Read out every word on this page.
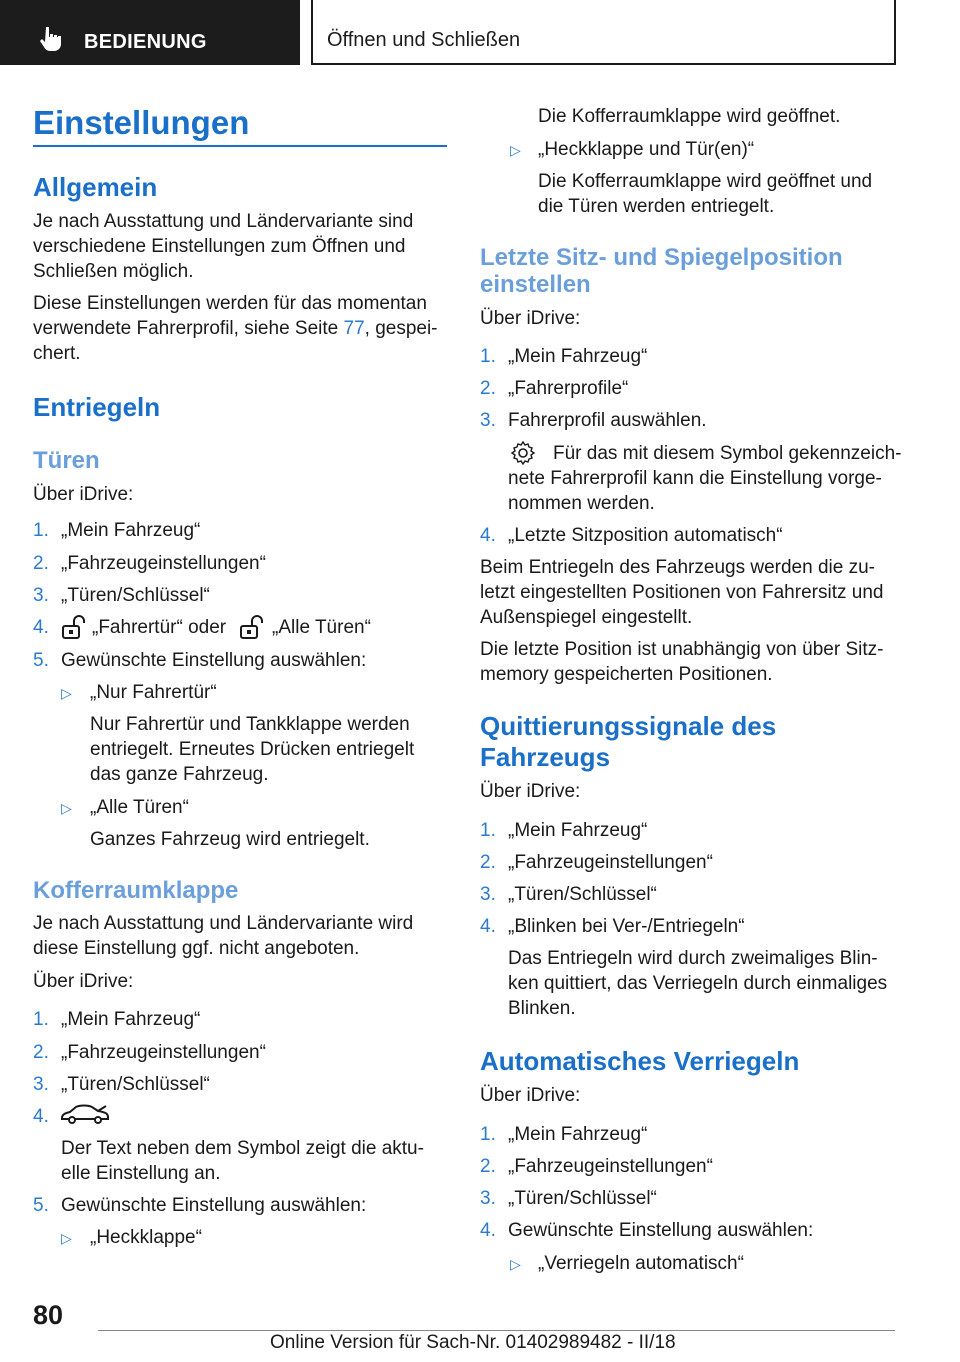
BEDIENUNG	Öffnen und Schließen
Einstellungen
Allgemein
Je nach Ausstattung und Ländervariante sind
verschiedene Einstellungen zum Öffnen und
Schließen möglich.
Diese Einstellungen werden für das momentan
verwendete Fahrerprofil, siehe Seite 77, gespei-
chert.
Entriegeln
Türen
Über iDrive:
1. „Mein Fahrzeug“
2. „Fahrzeugeinstellungen“
3. „Türen/Schlüssel“
4. „Fahrertür“ oder „Alle Türen“
5. Gewünschte Einstellung auswählen:
▷ „Nur Fahrertür“
Nur Fahrertür und Tankklappe werden
entriegelt. Erneutes Drücken entriegelt
das ganze Fahrzeug.
▷ „Alle Türen“
Ganzes Fahrzeug wird entriegelt.
Kofferraumklappe
Je nach Ausstattung und Ländervariante wird
diese Einstellung ggf. nicht angeboten.
Über iDrive:
1. „Mein Fahrzeug“
2. „Fahrzeugeinstellungen“
3. „Türen/Schlüssel“
4.
Der Text neben dem Symbol zeigt die aktu-
elle Einstellung an.
5. Gewünschte Einstellung auswählen:
▷ „Heckklappe“
Die Kofferraumklappe wird geöffnet.
▷ „Heckklappe und Tür(en)“
Die Kofferraumklappe wird geöffnet und
die Türen werden entriegelt.
Letzte Sitz- und Spiegelposition
einstellen
Über iDrive:
1. „Mein Fahrzeug“
2. „Fahrerprofile“
3. Fahrerprofil auswählen.
Für das mit diesem Symbol gekennzeich-
nete Fahrerprofil kann die Einstellung vorge-
nommen werden.
4. „Letzte Sitzposition automatisch“
Beim Entriegeln des Fahrzeugs werden die zu-
letzt eingestellten Positionen von Fahrersitz und
Außenspiegel eingestellt.
Die letzte Position ist unabhängig von über Sitz-
memory gespeicherten Positionen.
Quittierungssignale des
Fahrzeugs
Über iDrive:
1. „Mein Fahrzeug“
2. „Fahrzeugeinstellungen“
3. „Türen/Schlüssel“
4. „Blinken bei Ver-/Entriegeln“
Das Entriegeln wird durch zweimaliges Blin-
ken quittiert, das Verriegeln durch einmaliges
Blinken.
Automatisches Verriegeln
Über iDrive:
1. „Mein Fahrzeug“
2. „Fahrzeugeinstellungen“
3. „Türen/Schlüssel“
4. Gewünschte Einstellung auswählen:
▷ „Verriegeln automatisch“
80
Online Version für Sach-Nr. 01402989482 - II/18
